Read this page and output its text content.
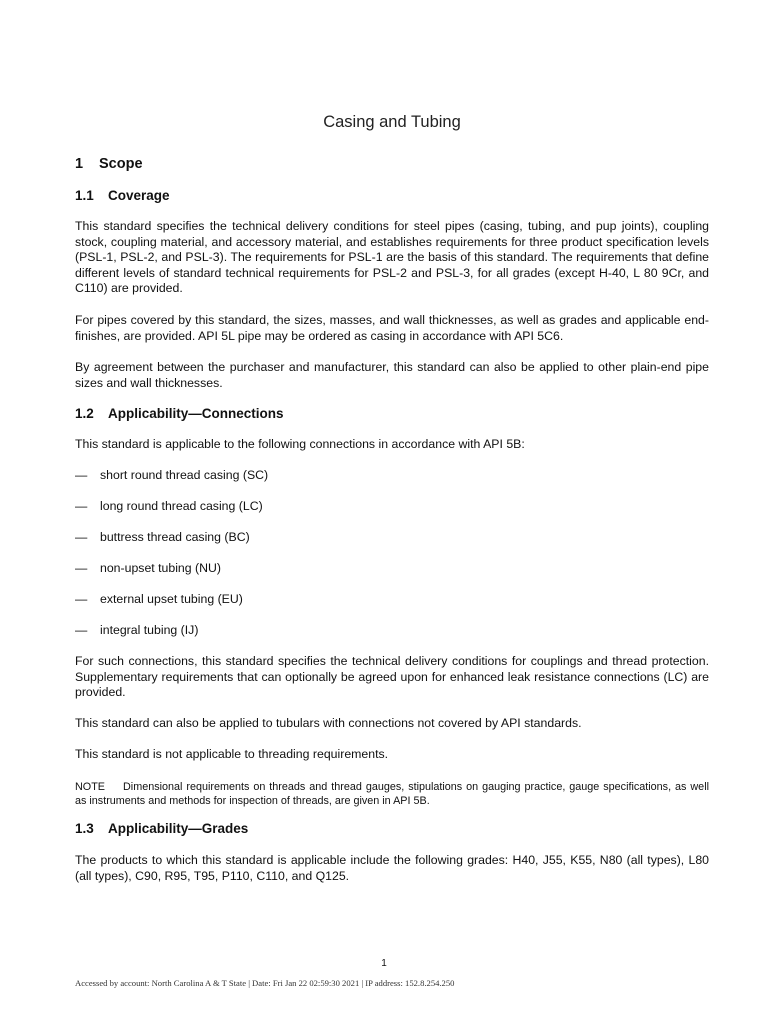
Casing and Tubing
1 Scope
1.1 Coverage

This standard specifies the technical delivery conditions for steel pipes (casing, tubing, and pup joints), coupling stock, coupling material, and accessory material, and establishes requirements for three product specification levels (PSL-1, PSL-2, and PSL-3). The requirements for PSL-1 are the basis of this standard. The requirements that define different levels of standard technical requirements for PSL-2 and PSL-3, for all grades (except H-40, L 80 9Cr, and C110) are provided.

For pipes covered by this standard, the sizes, masses, and wall thicknesses, as well as grades and applicable end-finishes, are provided. API 5L pipe may be ordered as casing in accordance with API 5C6.

By agreement between the purchaser and manufacturer, this standard can also be applied to other plain-end pipe sizes and wall thicknesses.

1.2 Applicability—Connections

This standard is applicable to the following connections in accordance with API 5B:

— short round thread casing (SC)

— long round thread casing (LC)

— buttress thread casing (BC)

— non-upset tubing (NU)

— external upset tubing (EU)

— integral tubing (IJ)

For such connections, this standard specifies the technical delivery conditions for couplings and thread protection. Supplementary requirements that can optionally be agreed upon for enhanced leak resistance connections (LC) are provided.

This standard can also be applied to tubulars with connections not covered by API standards.

This standard is not applicable to threading requirements.

NOTE Dimensional requirements on threads and thread gauges, stipulations on gauging practice, gauge specifications, as well as instruments and methods for inspection of threads, are given in API 5B.

1.3 Applicability—Grades

The products to which this standard is applicable include the following grades: H40, J55, K55, N80 (all types), L80 (all types), C90, R95, T95, P110, C110, and Q125.

1
Accessed by account: North Carolina A & T State | Date: Fri Jan 22 02:59:30 2021 | IP address: 152.8.254.250
